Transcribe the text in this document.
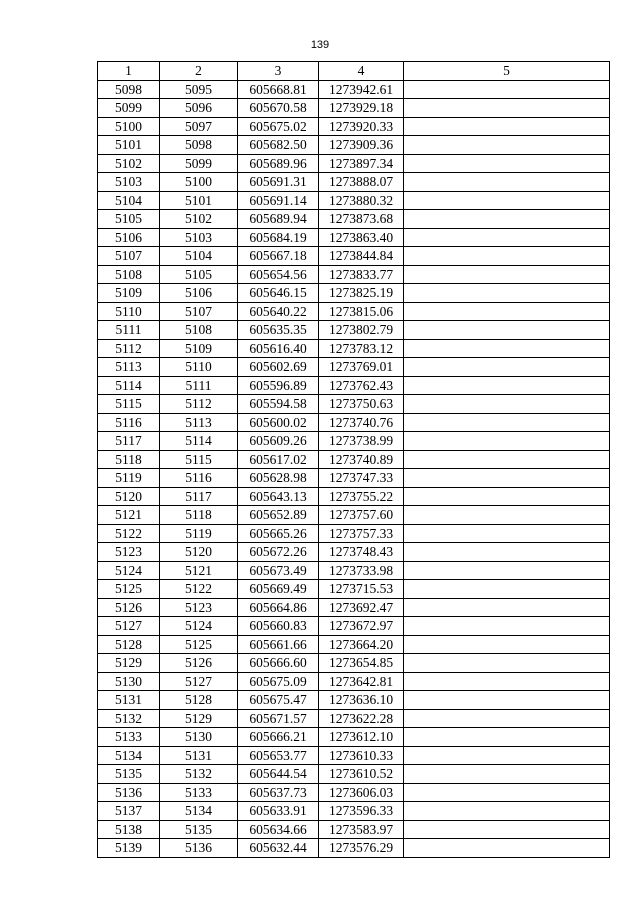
139
1	2	3	4	5
5098	5095	605668.81	1273942.61	
5099	5096	605670.58	1273929.18	
5100	5097	605675.02	1273920.33	
5101	5098	605682.50	1273909.36	
5102	5099	605689.96	1273897.34	
5103	5100	605691.31	1273888.07	
5104	5101	605691.14	1273880.32	
5105	5102	605689.94	1273873.68	
5106	5103	605684.19	1273863.40	
5107	5104	605667.18	1273844.84	
5108	5105	605654.56	1273833.77	
5109	5106	605646.15	1273825.19	
5110	5107	605640.22	1273815.06	
5111	5108	605635.35	1273802.79	
5112	5109	605616.40	1273783.12	
5113	5110	605602.69	1273769.01	
5114	5111	605596.89	1273762.43	
5115	5112	605594.58	1273750.63	
5116	5113	605600.02	1273740.76	
5117	5114	605609.26	1273738.99	
5118	5115	605617.02	1273740.89	
5119	5116	605628.98	1273747.33	
5120	5117	605643.13	1273755.22	
5121	5118	605652.89	1273757.60	
5122	5119	605665.26	1273757.33	
5123	5120	605672.26	1273748.43	
5124	5121	605673.49	1273733.98	
5125	5122	605669.49	1273715.53	
5126	5123	605664.86	1273692.47	
5127	5124	605660.83	1273672.97	
5128	5125	605661.66	1273664.20	
5129	5126	605666.60	1273654.85	
5130	5127	605675.09	1273642.81	
5131	5128	605675.47	1273636.10	
5132	5129	605671.57	1273622.28	
5133	5130	605666.21	1273612.10	
5134	5131	605653.77	1273610.33	
5135	5132	605644.54	1273610.52	
5136	5133	605637.73	1273606.03	
5137	5134	605633.91	1273596.33	
5138	5135	605634.66	1273583.97	
5139	5136	605632.44	1273576.29	
